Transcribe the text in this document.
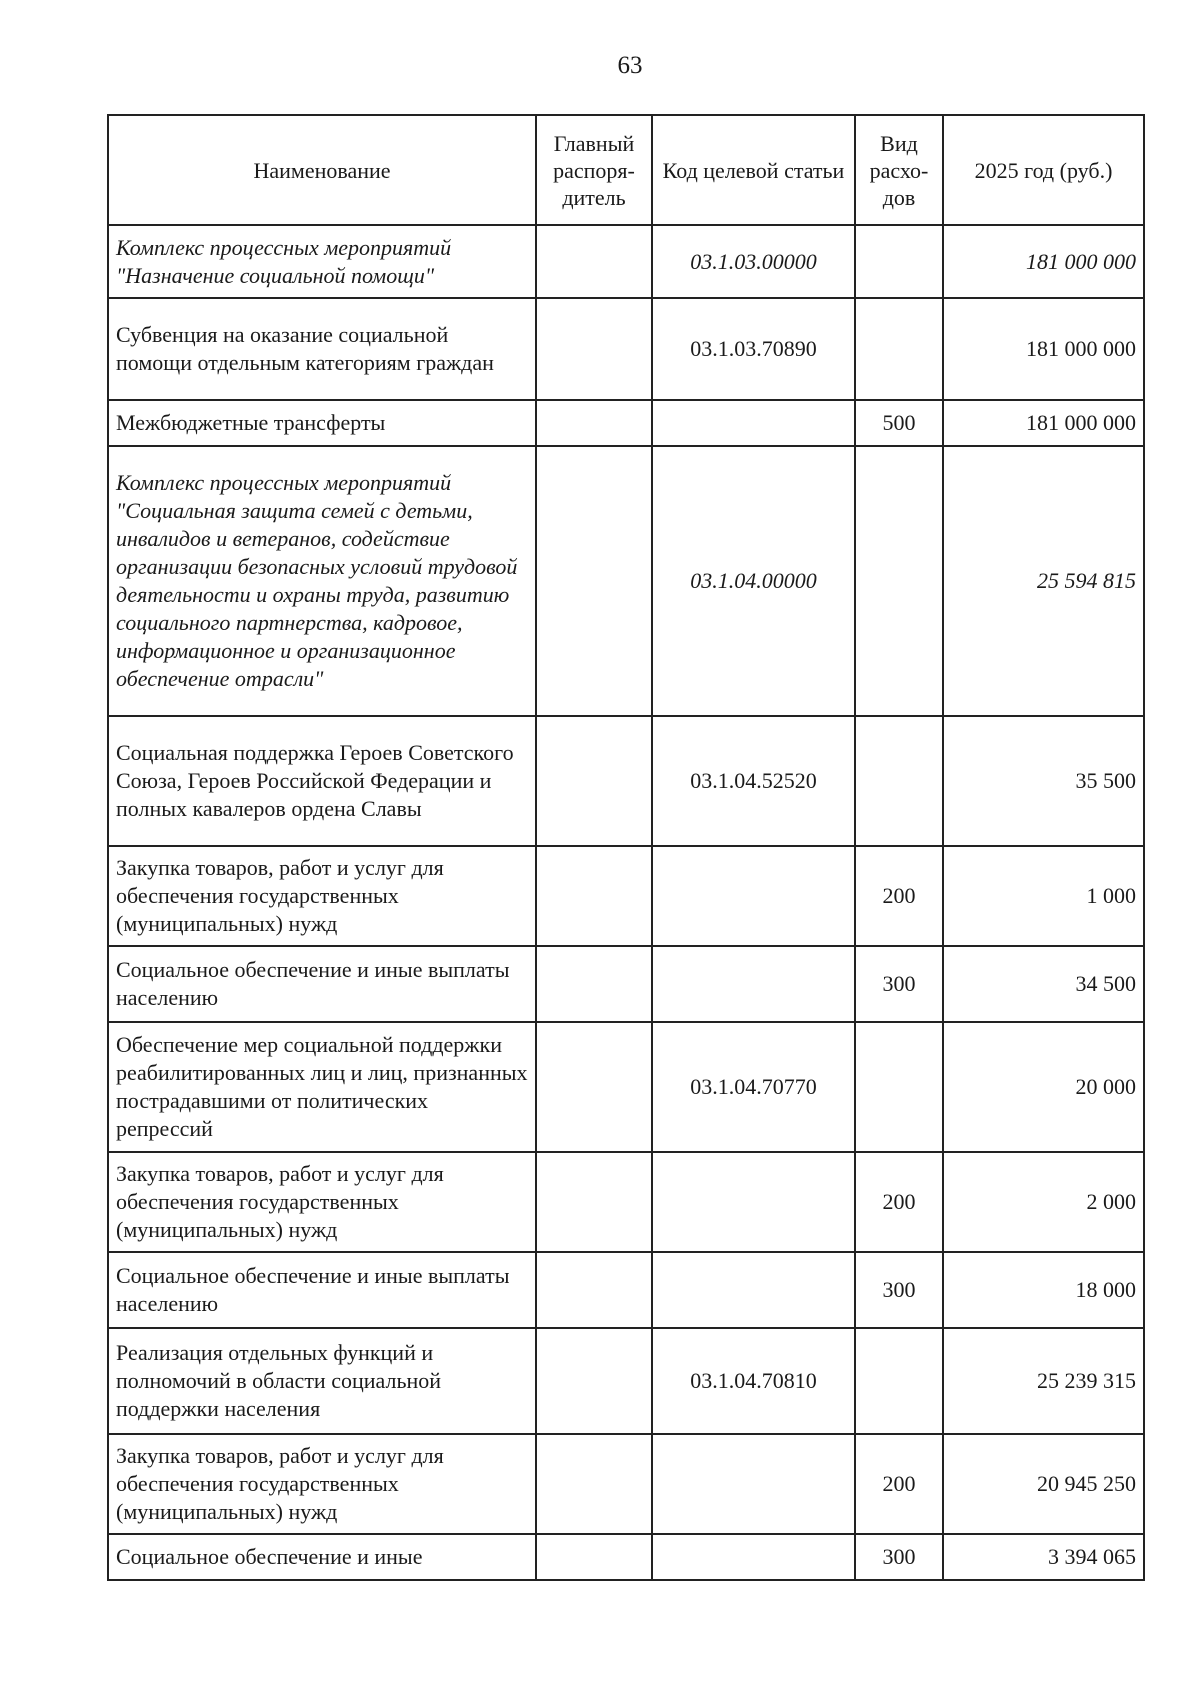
63
Наименование	Главный распоря-дитель	Код целевой статьи	Вид расхо-дов	2025 год (руб.)
Комплекс процессных мероприятий "Назначение социальной помощи"		03.1.03.00000		181 000 000
Субвенция на оказание социальной помощи отдельным категориям граждан		03.1.03.70890		181 000 000
Межбюджетные трансферты			500	181 000 000
Комплекс процессных мероприятий "Социальная защита семей с детьми, инвалидов и ветеранов, содействие организации безопасных условий трудовой деятельности и охраны труда, развитию социального партнерства, кадровое, информационное и организационное обеспечение отрасли"		03.1.04.00000		25 594 815
Социальная поддержка Героев Советского Союза, Героев Российской Федерации и полных кавалеров ордена Славы		03.1.04.52520		35 500
Закупка товаров, работ и услуг для обеспечения государственных (муниципальных) нужд			200	1 000
Социальное обеспечение и иные выплаты населению			300	34 500
Обеспечение мер социальной поддержки реабилитированных лиц и лиц, признанных пострадавшими от политических репрессий		03.1.04.70770		20 000
Закупка товаров, работ и услуг для обеспечения государственных (муниципальных) нужд			200	2 000
Социальное обеспечение и иные выплаты населению			300	18 000
Реализация отдельных функций и полномочий в области социальной поддержки населения		03.1.04.70810		25 239 315
Закупка товаров, работ и услуг для обеспечения государственных (муниципальных) нужд			200	20 945 250
Социальное обеспечение и иные			300	3 394 065
